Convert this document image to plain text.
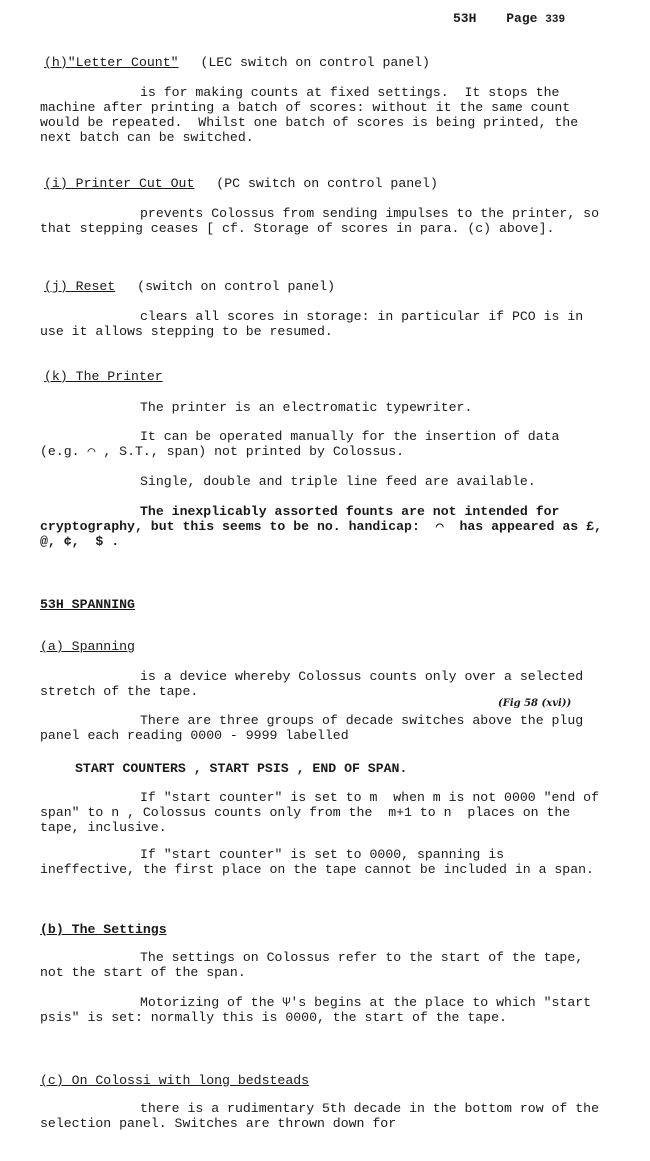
53H Page 339
(h)"Letter Count" (LEC switch on control panel)

is for making counts at fixed settings.  It stops the machine after printing a batch of scores: without it the same count would be repeated.  Whilst one batch of scores is being printed, the next batch can be switched.

(i) Printer Cut Out (PC switch on control panel)

prevents Colossus from sending impulses to the printer, so that stepping ceases [ cf. Storage of scores in para. (c) above].

(j) Reset (switch on control panel)

clears all scores in storage: in particular if PCO is in use it allows stepping to be resumed.

(k) The Printer

The printer is an electromatic typewriter.

It can be operated manually for the insertion of data (e.g. ⌒ , S.T., span) not printed by Colossus.

Single, double and triple line feed are available.

The inexplicably assorted founts are not intended for cryptography, but this seems to be no. handicap:  ⌒  has appeared as £, @, ¢,  $ .

53H SPANNING
(a) Spanning

is a device whereby Colossus counts only over a selected stretch of the tape.

(Fig 58 (xvi))

There are three groups of decade switches above the plug panel each reading 0000 - 9999 labelled

START COUNTERS , START PSIS , END OF SPAN.

If "start counter" is set to m  when m is not 0000 "end of span" to n , Colossus counts only from the  m+1 to n  places on the tape, inclusive.

If "start counter" is set to 0000, spanning is ineffective, the first place on the tape cannot be included in a span.

(b) The Settings

The settings on Colossus refer to the start of the tape, not the start of the span.

Motorizing of the Ψ's begins at the place to which "start psis" is set: normally this is 0000, the start of the tape.

(c) On Colossi with long bedsteads

there is a rudimentary 5th decade in the bottom row of the selection panel. Switches are thrown down for
